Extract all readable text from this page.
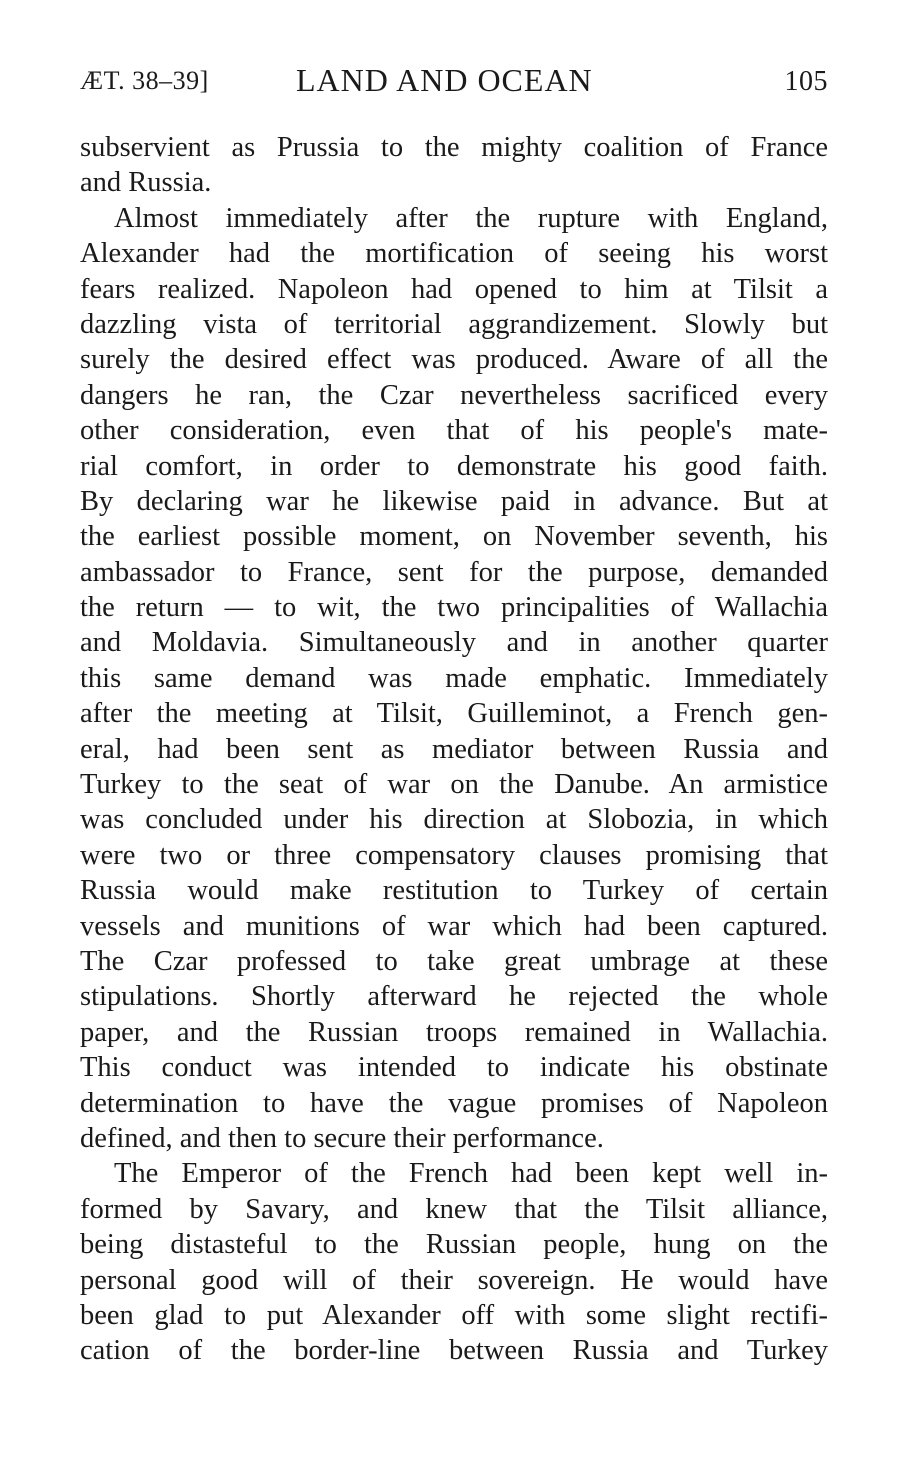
ÆT. 38–39]	LAND AND OCEAN	105
subservient as Prussia to the mighty coalition of France
and Russia.
Almost immediately after the rupture with England,
Alexander had the mortification of seeing his worst
fears realized. Napoleon had opened to him at Tilsit a
dazzling vista of territorial aggrandizement. Slowly but
surely the desired effect was produced. Aware of all the
dangers he ran, the Czar nevertheless sacrificed every
other consideration, even that of his people's mate-
rial comfort, in order to demonstrate his good faith.
By declaring war he likewise paid in advance. But at
the earliest possible moment, on November seventh, his
ambassador to France, sent for the purpose, demanded
the return — to wit, the two principalities of Wallachia
and Moldavia. Simultaneously and in another quarter
this same demand was made emphatic. Immediately
after the meeting at Tilsit, Guilleminot, a French gen-
eral, had been sent as mediator between Russia and
Turkey to the seat of war on the Danube. An armistice
was concluded under his direction at Slobozia, in which
were two or three compensatory clauses promising that
Russia would make restitution to Turkey of certain
vessels and munitions of war which had been captured.
The Czar professed to take great umbrage at these
stipulations. Shortly afterward he rejected the whole
paper, and the Russian troops remained in Wallachia.
This conduct was intended to indicate his obstinate
determination to have the vague promises of Napoleon
defined, and then to secure their performance.
The Emperor of the French had been kept well in-
formed by Savary, and knew that the Tilsit alliance,
being distasteful to the Russian people, hung on the
personal good will of their sovereign. He would have
been glad to put Alexander off with some slight rectifi-
cation of the border-line between Russia and Turkey
